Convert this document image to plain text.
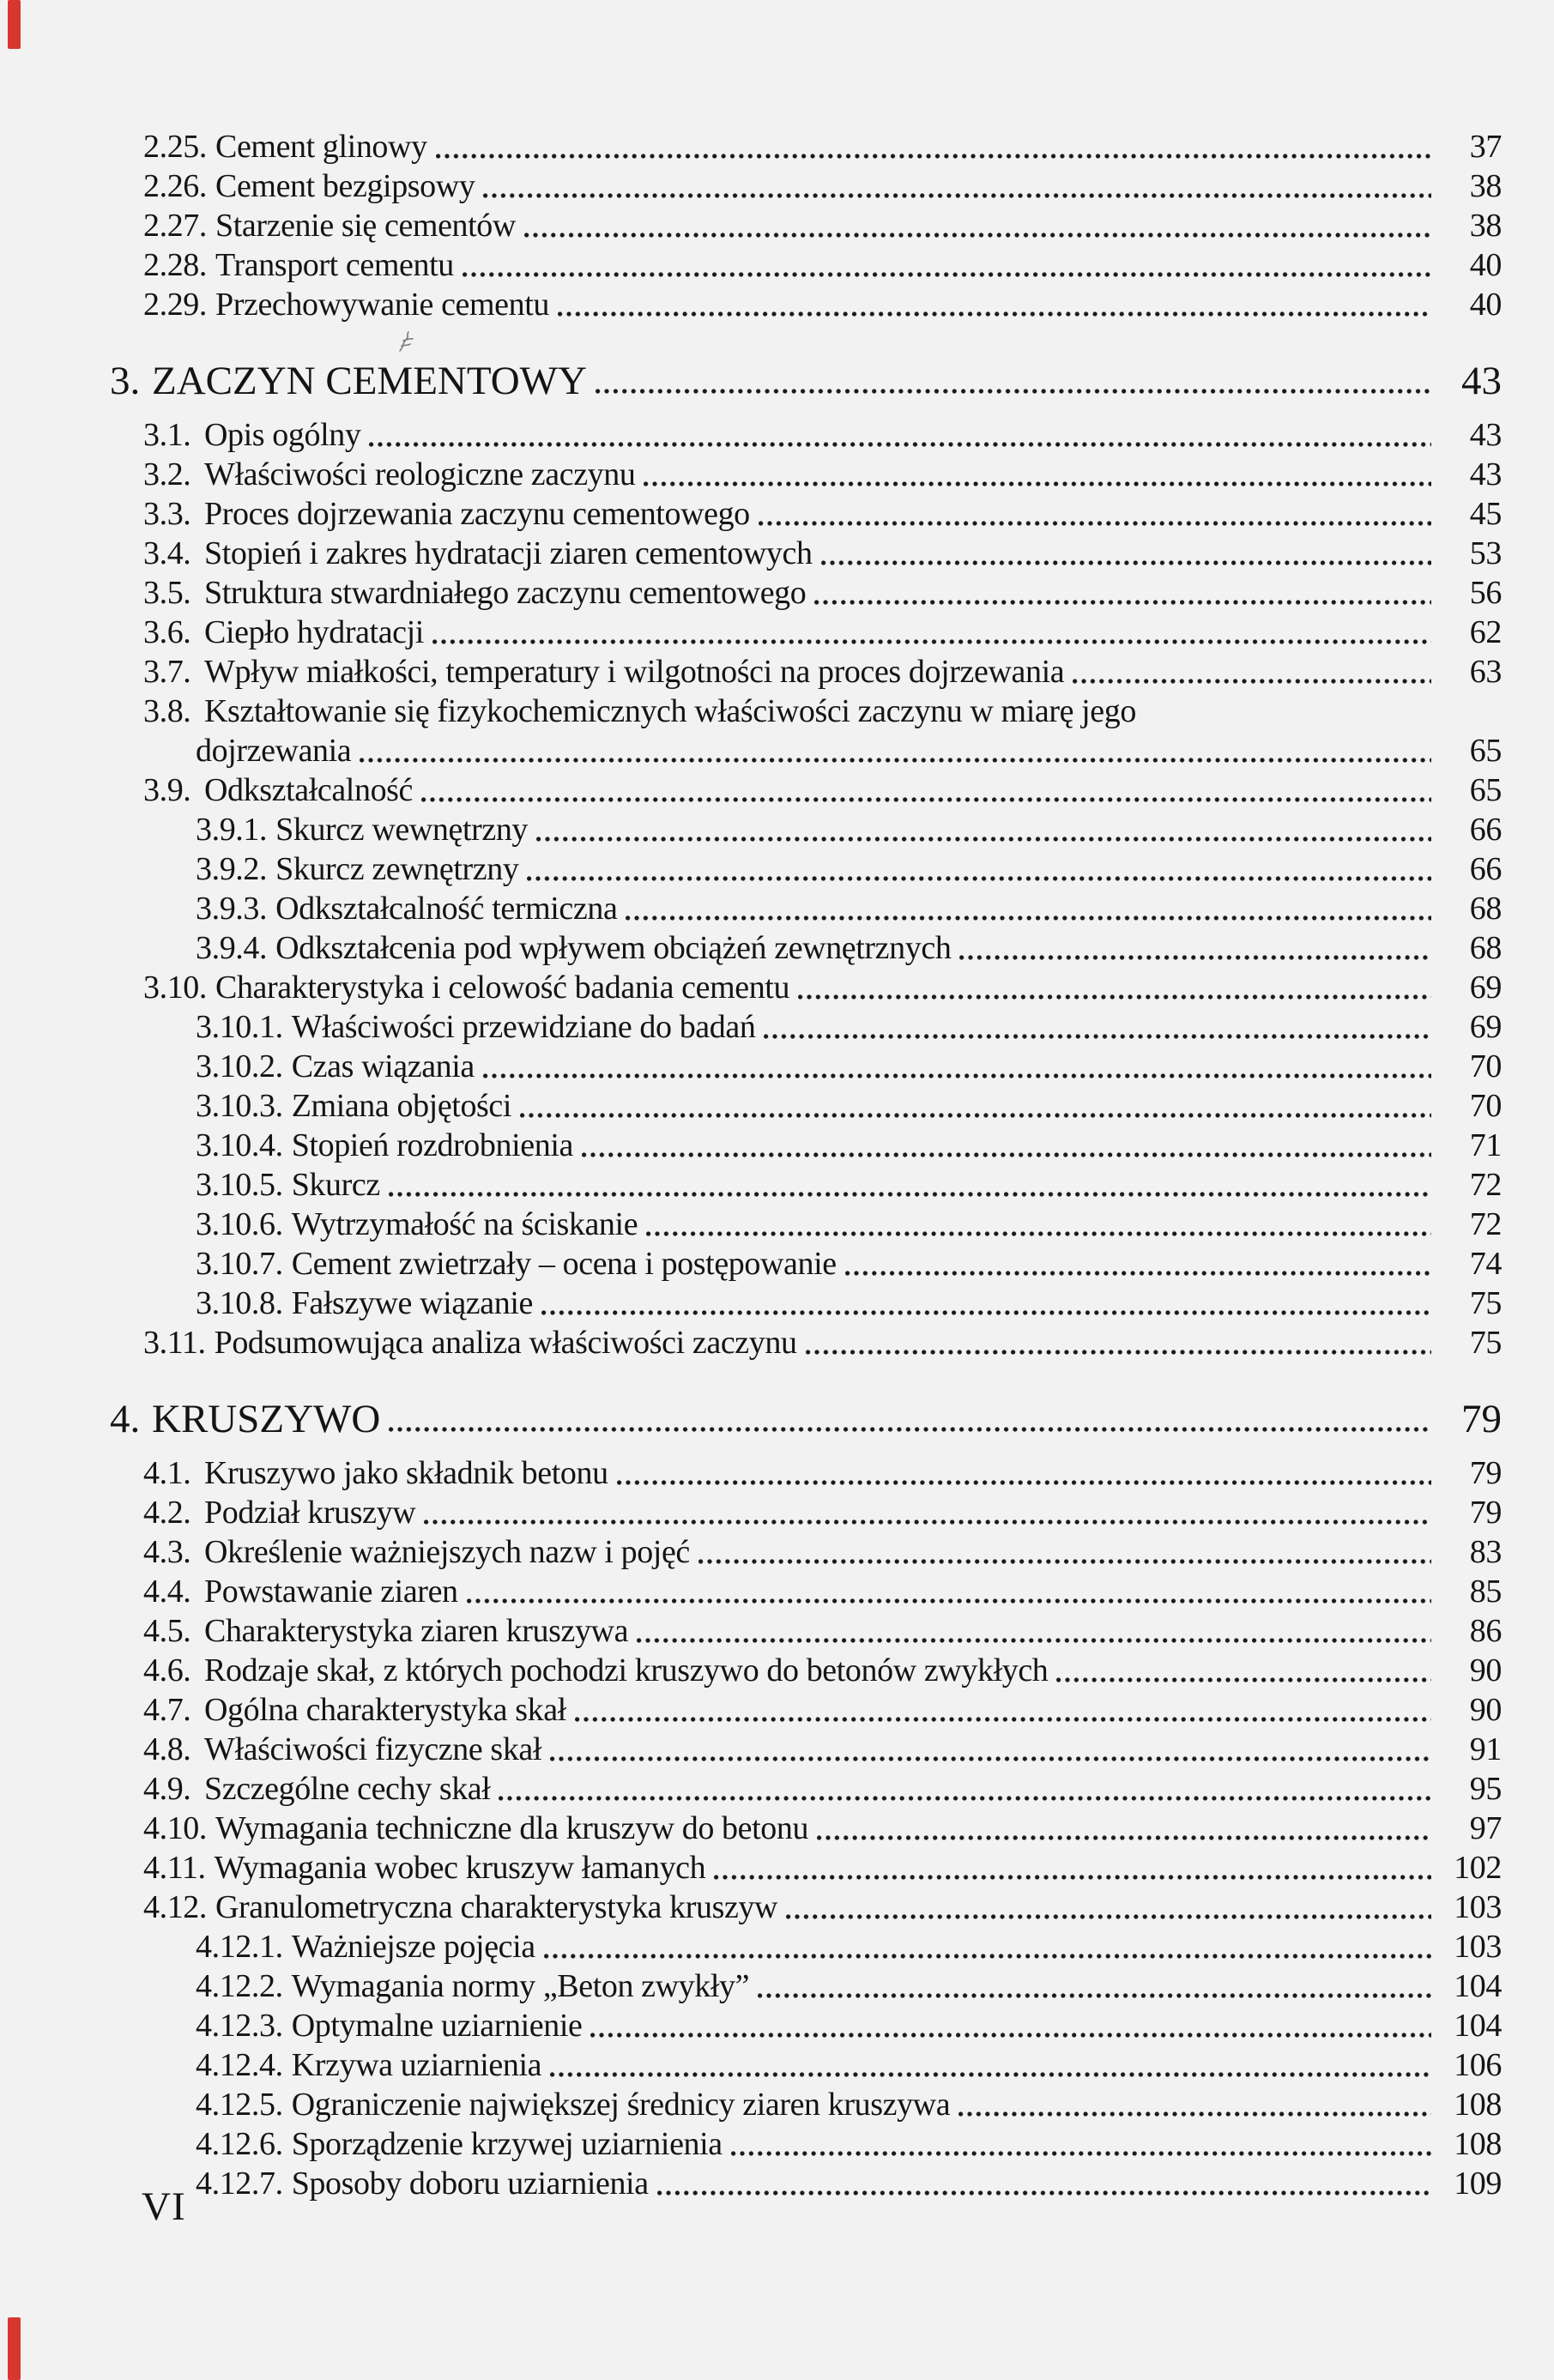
2.25. Cement glinowy	37
2.26. Cement bezgipsowy	38
2.27. Starzenie się cementów	38
2.28. Transport cementu	40
2.29. Przechowywanie cementu	40
3. ZACZYN CEMENTOWY	43
3.1. Opis ogólny	43
3.2. Właściwości reologiczne zaczynu	43
3.3. Proces dojrzewania zaczynu cementowego	45
3.4. Stopień i zakres hydratacji ziaren cementowych	53
3.5. Struktura stwardniałego zaczynu cementowego	56
3.6. Ciepło hydratacji	62
3.7. Wpływ miałkości, temperatury i wilgotności na proces dojrzewania	63
3.8. Kształtowanie się fizykochemicznych właściwości zaczynu w miarę jego
dojrzewania	65
3.9. Odkształcalność	65
3.9.1. Skurcz wewnętrzny	66
3.9.2. Skurcz zewnętrzny	66
3.9.3. Odkształcalność termiczna	68
3.9.4. Odkształcenia pod wpływem obciążeń zewnętrznych	68
3.10. Charakterystyka i celowość badania cementu	69
3.10.1. Właściwości przewidziane do badań	69
3.10.2. Czas wiązania	70
3.10.3. Zmiana objętości	70
3.10.4. Stopień rozdrobnienia	71
3.10.5. Skurcz	72
3.10.6. Wytrzymałość na ściskanie	72
3.10.7. Cement zwietrzały – ocena i postępowanie	74
3.10.8. Fałszywe wiązanie	75
3.11. Podsumowująca analiza właściwości zaczynu	75
4. KRUSZYWO	79
4.1. Kruszywo jako składnik betonu	79
4.2. Podział kruszyw	79
4.3. Określenie ważniejszych nazw i pojęć	83
4.4. Powstawanie ziaren	85
4.5. Charakterystyka ziaren kruszywa	86
4.6. Rodzaje skał, z których pochodzi kruszywo do betonów zwykłych	90
4.7. Ogólna charakterystyka skał	90
4.8. Właściwości fizyczne skał	91
4.9. Szczególne cechy skał	95
4.10. Wymagania techniczne dla kruszyw do betonu	97
4.11. Wymagania wobec kruszyw łamanych	102
4.12. Granulometryczna charakterystyka kruszyw	103
4.12.1. Ważniejsze pojęcia	103
4.12.2. Wymagania normy „Beton zwykły”	104
4.12.3. Optymalne uziarnienie	104
4.12.4. Krzywa uziarnienia	106
4.12.5. Ograniczenie największej średnicy ziaren kruszywa	108
4.12.6. Sporządzenie krzywej uziarnienia	108
4.12.7. Sposoby doboru uziarnienia	109
VI
